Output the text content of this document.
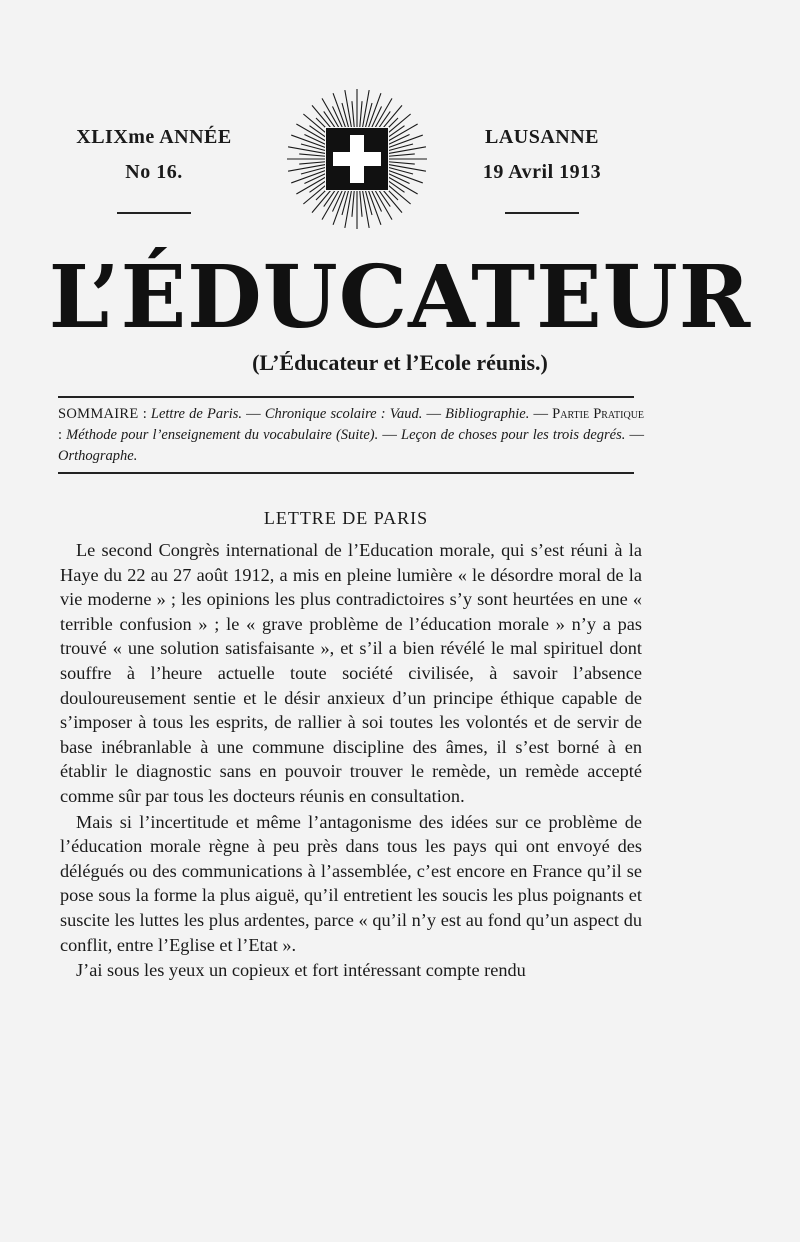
XLIXme ANNÉE
No 16.
LAUSANNE
19 Avril 1913
L’ÉDUCATEUR
(L’Éducateur et l’Ecole réunis.)
SOMMAIRE : Lettre de Paris. — Chronique scolaire : Vaud. — Bibliographie. — Partie Pratique : Méthode pour l’enseignement du vocabulaire (Suite). — Leçon de choses pour les trois degrés. — Orthographe.
LETTRE DE PARIS

Le second Congrès international de l’Education morale, qui s’est réuni à la Haye du 22 au 27 août 1912, a mis en pleine lumière « le désordre moral de la vie moderne » ; les opinions les plus contradictoires s’y sont heurtées en une « terrible confusion » ; le « grave problème de l’éducation morale » n’y a pas trouvé « une solution satisfaisante », et s’il a bien révélé le mal spirituel dont souffre à l’heure actuelle toute société civilisée, à savoir l’absence douloureusement sentie et le désir anxieux d’un principe éthique capable de s’imposer à tous les esprits, de rallier à soi toutes les volontés et de servir de base inébranlable à une commune discipline des âmes, il s’est borné à en établir le diagnostic sans en pouvoir trouver le remède, un remède accepté comme sûr par tous les docteurs réunis en consultation.

Mais si l’incertitude et même l’antagonisme des idées sur ce problème de l’éducation morale règne à peu près dans tous les pays qui ont envoyé des délégués ou des communications à l’assemblée, c’est encore en France qu’il se pose sous la forme la plus aiguë, qu’il entretient les soucis les plus poignants et suscite les luttes les plus ardentes, parce « qu’il n’y est au fond qu’un aspect du conflit, entre l’Eglise et l’Etat ».

J’ai sous les yeux un copieux et fort intéressant compte rendu
